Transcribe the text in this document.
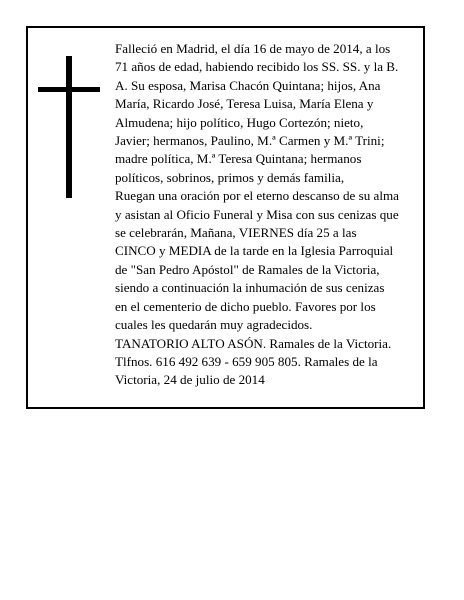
Falleció en Madrid, el día 16 de mayo de 2014, a los 71 años de edad, habiendo recibido los SS. SS. y la B. A. Su esposa, Marisa Chacón Quintana; hijos, Ana María, Ricardo José, Teresa Luisa, María Elena y Almudena; hijo político, Hugo Cortezón; nieto, Javier; hermanos, Paulino, M.ª Carmen y M.ª Trini; madre política, M.ª Teresa Quintana; hermanos políticos, sobrinos, primos y demás familia,

Ruegan una oración por el eterno descanso de su alma y asistan al Oficio Funeral y Misa con sus cenizas que se celebrarán, Mañana, VIERNES día 25 a las CINCO y MEDIA de la tarde en la Iglesia Parroquial de "San Pedro Apóstol" de Ramales de la Victoria, siendo a continuación la inhumación de sus cenizas en el cementerio de dicho pueblo. Favores por los cuales les quedarán muy agradecidos.

TANATORIO ALTO ASÓN. Ramales de la Victoria. Tlfnos. 616 492 639 - 659 905 805. Ramales de la Victoria, 24 de julio de 2014
